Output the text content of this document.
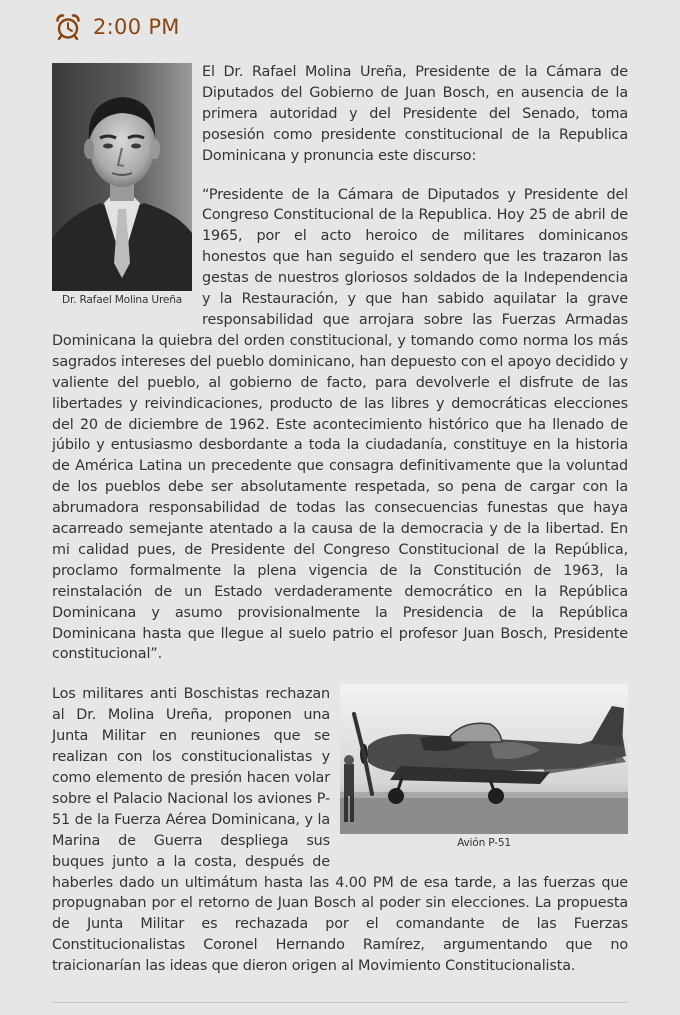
2:00 PM
Dr. Rafael Molina Ureña

El Dr. Rafael Molina Ureña, Presidente de la Cámara de Diputados del Gobierno de Juan Bosch, en ausencia de la primera autoridad y del Presidente del Senado, toma posesión como presidente constitucional de la Republica Dominicana y pronuncia este discurso:

“Presidente de la Cámara de Diputados y Presidente del Congreso Constitucional de la Republica. Hoy 25 de abril de 1965, por el acto heroico de militares dominicanos honestos que han seguido el sendero que les trazaron las gestas de nuestros gloriosos soldados de la Independencia y la Restauración, y que han sabido aquilatar la grave responsabilidad que arrojara sobre las Fuerzas Armadas Dominicana la quiebra del orden constitucional, y tomando como norma los más sagrados intereses del pueblo dominicano, han depuesto con el apoyo decidido y valiente del pueblo, al gobierno de facto, para devolverle el disfrute de las libertades y reivindicaciones, producto de las libres y democráticas elecciones del 20 de diciembre de 1962. Este acontecimiento histórico que ha llenado de júbilo y entusiasmo desbordante a toda la ciudadanía, constituye en la historia de América Latina un precedente que consagra definitivamente que la voluntad de los pueblos debe ser absolutamente respetada, so pena de cargar con la abrumadora responsabilidad de todas las consecuencias funestas que haya acarreado semejante atentado a la causa de la democracia y de la libertad. En mi calidad pues, de Presidente del Congreso Constitucional de la República, proclamo formalmente la plena vigencia de la Constitución de 1963, la reinstalación de un Estado verdaderamente democrático en la República Dominicana y asumo provisionalmente la Presidencia de la República Dominicana hasta que llegue al suelo patrio el profesor Juan Bosch, Presidente constitucional”.

Avión P-51

Los militares anti Boschistas rechazan al Dr. Molina Ureña, proponen una Junta Militar en reuniones que se realizan con los constitucionalistas y como elemento de presión hacen volar sobre el Palacio Nacional los aviones P-51 de la Fuerza Aérea Dominicana, y la Marina de Guerra despliega sus buques junto a la costa, después de haberles dado un ultimátum hasta las 4.00 PM de esa tarde, a las fuerzas que propugnaban por el retorno de Juan Bosch al poder sin elecciones. La propuesta de Junta Militar es rechazada por el comandante de las Fuerzas Constitucionalistas Coronel Hernando Ramírez, argumentando que no traicionarían las ideas que dieron origen al Movimiento Constitucionalista.
